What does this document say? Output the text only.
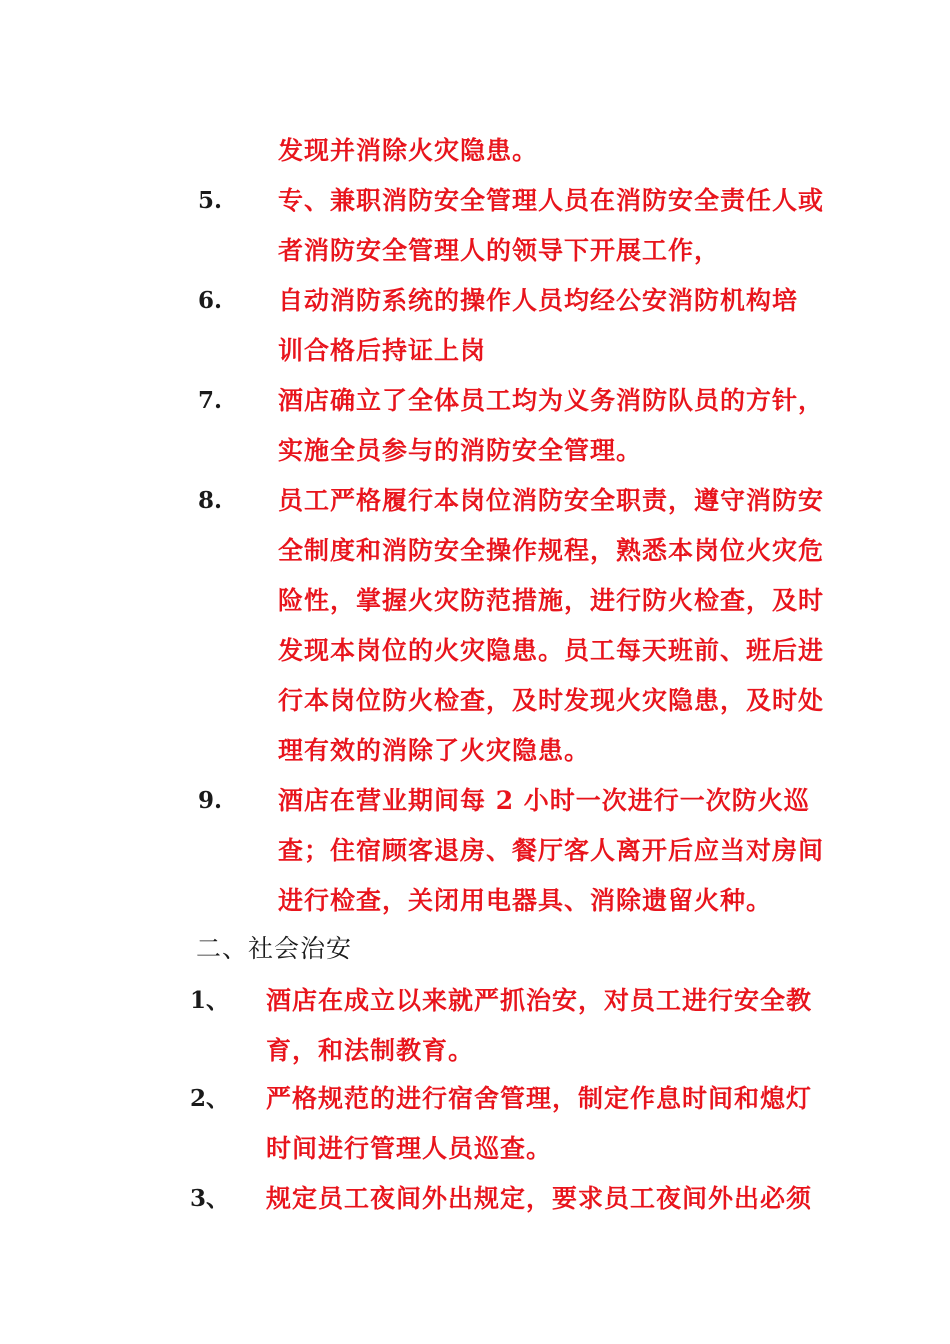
发现并消除火灾隐患。
5. 专、兼职消防安全管理人员在消防安全责任人或
者消防安全管理人的领导下开展工作，
6. 自动消防系统的操作人员均经公安消防机构培
训合格后持证上岗
7. 酒店确立了全体员工均为义务消防队员的方针，
实施全员参与的消防安全管理。
8. 员工严格履行本岗位消防安全职责，遵守消防安
全制度和消防安全操作规程，熟悉本岗位火灾危
险性，掌握火灾防范措施，进行防火检查，及时
发现本岗位的火灾隐患。员工每天班前、班后进
行本岗位防火检查，及时发现火灾隐患，及时处
理有效的消除了火灾隐患。
9. 酒店在营业期间每 2 小时一次进行一次防火巡
查；住宿顾客退房、餐厅客人离开后应当对房间
进行检查，关闭用电器具、消除遗留火种。
二、社会治安
1、 酒店在成立以来就严抓治安，对员工进行安全教
育，和法制教育。
2、 严格规范的进行宿舍管理，制定作息时间和熄灯
时间进行管理人员巡查。
3、 规定员工夜间外出规定，要求员工夜间外出必须
